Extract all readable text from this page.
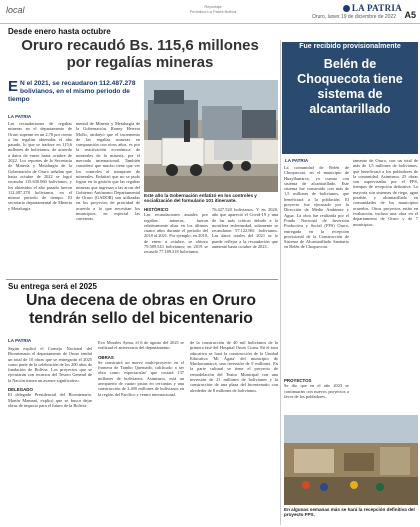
local	Reportaje
Periódico La Patria Bolivia	LA PATRIA
Oruro, lunes 19 de diciembre de 2022 A5
Desde enero hasta octubre
Oruro recaudó Bs. 115,6 millones por regalías mineras
E N el 2021, se recaudaron 112.487.278 bolivianos, en el mismo periodo de tiempo
LA PATRIA
Las recaudaciones de regalías mineras en el departamento de Oruro superan en un 2,78 por ciento a las regalías obtenidas el año pasado, lo que se traduce en 115,6 millones de bolivianos, de acuerdo a datos de enero hasta octubre de 2022. Los reportes de la Secretaría de Minería y Metalurgia de la Gobernación de Oruro señalan que hasta octubre de 2022 se logró recaudar 115.630.060 bolivianos, y los obtenidos el año pasado fueron 112.487.278 bolivianos, en el mismo periodo de tiempo. El secretario departamental de Minería y Metalurgia
mental de Minería y Metalurgia de la Gobernación, Ronny Herrera Mollo, atribuyó que el incremento de las regalías mineras en comparación con otros años, es por la reactivación económica de minerales de la minería, por el mercado internacional. También consideró que mucho tiene que ver los controles al transporte de minerales. Enfatizó que no se pudo lograr en la gestión que las regalías mineras que ingresan a las arcas del Gobierno Autónomo Departamental de Oruro (GADOR) son utilizadas en los proyectos de prioridad de acuerdo a lo que necesitan los municipios, en especial las carreteras.
Este año la Gobernación enfatizó en los controles y socialización del formulario 101 itinerante.
HISTÓRICO
Las recaudaciones anuales por regalías mineras, fueron relativamente altas en los últimos cuatro años durante el periodo del 2018 al 2021. Por ejemplo, en 2018, de enero a octubre, se obtuvo 79.589.543 bolivianos; en 2019 se recaudó 77.189.218 bolivianos.
76.427.520 bolivianos. Y en 2020, año que apareció el Covid-19 y una de las más críticas debido a la mortífera enfermedad, solamente se recaudaron 57.122.861 bolivianos. Las datos totales del 2021 se lo puede reflejar a la recaudación que aumentó hasta octubre de 2023.
Fue recibido provisionalmente
Belén de Choquecota tiene sistema de alcantarillado
LA PATRIA
La comunidad de Belén de Choquecota, en el municipio de Huayllamarca, ya cuenta con sistema de alcantarillado. Este sistema fue construido con más de 1,5 millones de bolivianos, que beneficiará a la población. El proyecto fue ejecutado por la Dirección de Medio Ambiente y Agua. La obra fue realizada por el Fondo Nacional de Inversión Productiva y Social (FPS) Oruro, entregada en la recepción provisional de la Construcción de Sistema de Alcantarillado Sanitario en Belén de Choquecota.
tamento de Oruro, con un total de más de 1,5 millones de bolivianos, que beneficiará a los pobladores de la comunidad. Asimismo, 25 obras son supervisadas por el FPS, tiempos de recepción definitiva. La mayoría son sistemas de riego, agua potable, y alcantarillado en comunidades de los municipios orureños. Otros proyectos están en evaluación, incluso una obra en el departamento de Oruro y de 7 municipios.
PROYECTOS
Se dio que en el año 2023 se continuarán con nuevos proyectos a favor de los pobladores.
En algunas semanas más se hará la recepción definitiva del proyecto FPS.
Su entrega será el 2025
Una decena de obras en Oruro tendrán sello del bicentenario
LA PATRIA
Según explicó el Consejo Nacional del Bicentenario el departamento de Oruro tendrá un total de 10 obras que se entregarán el 2025 como parte de la celebración de los 200 años de fundación de Bolivia. Los proyectos que se ejecutarán con recursos del Tesoro General de la Nación tienen un avance significativo.
DELEGADO
El delegado Presidencial del Bicentenario, Martín Mamani, explicó que se busca dejar obras de impacto para el futuro de la Bolivia.
Evo Morales Ayma, el 6 de agosto del 2025 se realizará el aniversario del departamento.
OBRAS
Se construirá un nuevo multi-proyecto en el frontera de Tambo Quemado, calificado a ser obra como 'espectacular' que costará 137 millones de bolivianos. Asimismo, está un aeropuerto de cuatro pistas en cercanías y una construcción de 2.400 millones de bolivianos en la región del Pacífico y centro internacional.
de la construcción de 40 mil bolivianos de la primera fase del Hospital Oruro Corea. En el área educativa se hará la construcción de la Unidad Educativa 'Mi Ágata' del municipio de Machacamarca, una inversión de 9 millones. En la parte cultural se tiene el proyecto de remodelación del Teatro Municipal con una inversión de 21 millones de bolivianos y la construcción de una plaza del bicentenario con alrededor de 8 millones de bolivianos.
